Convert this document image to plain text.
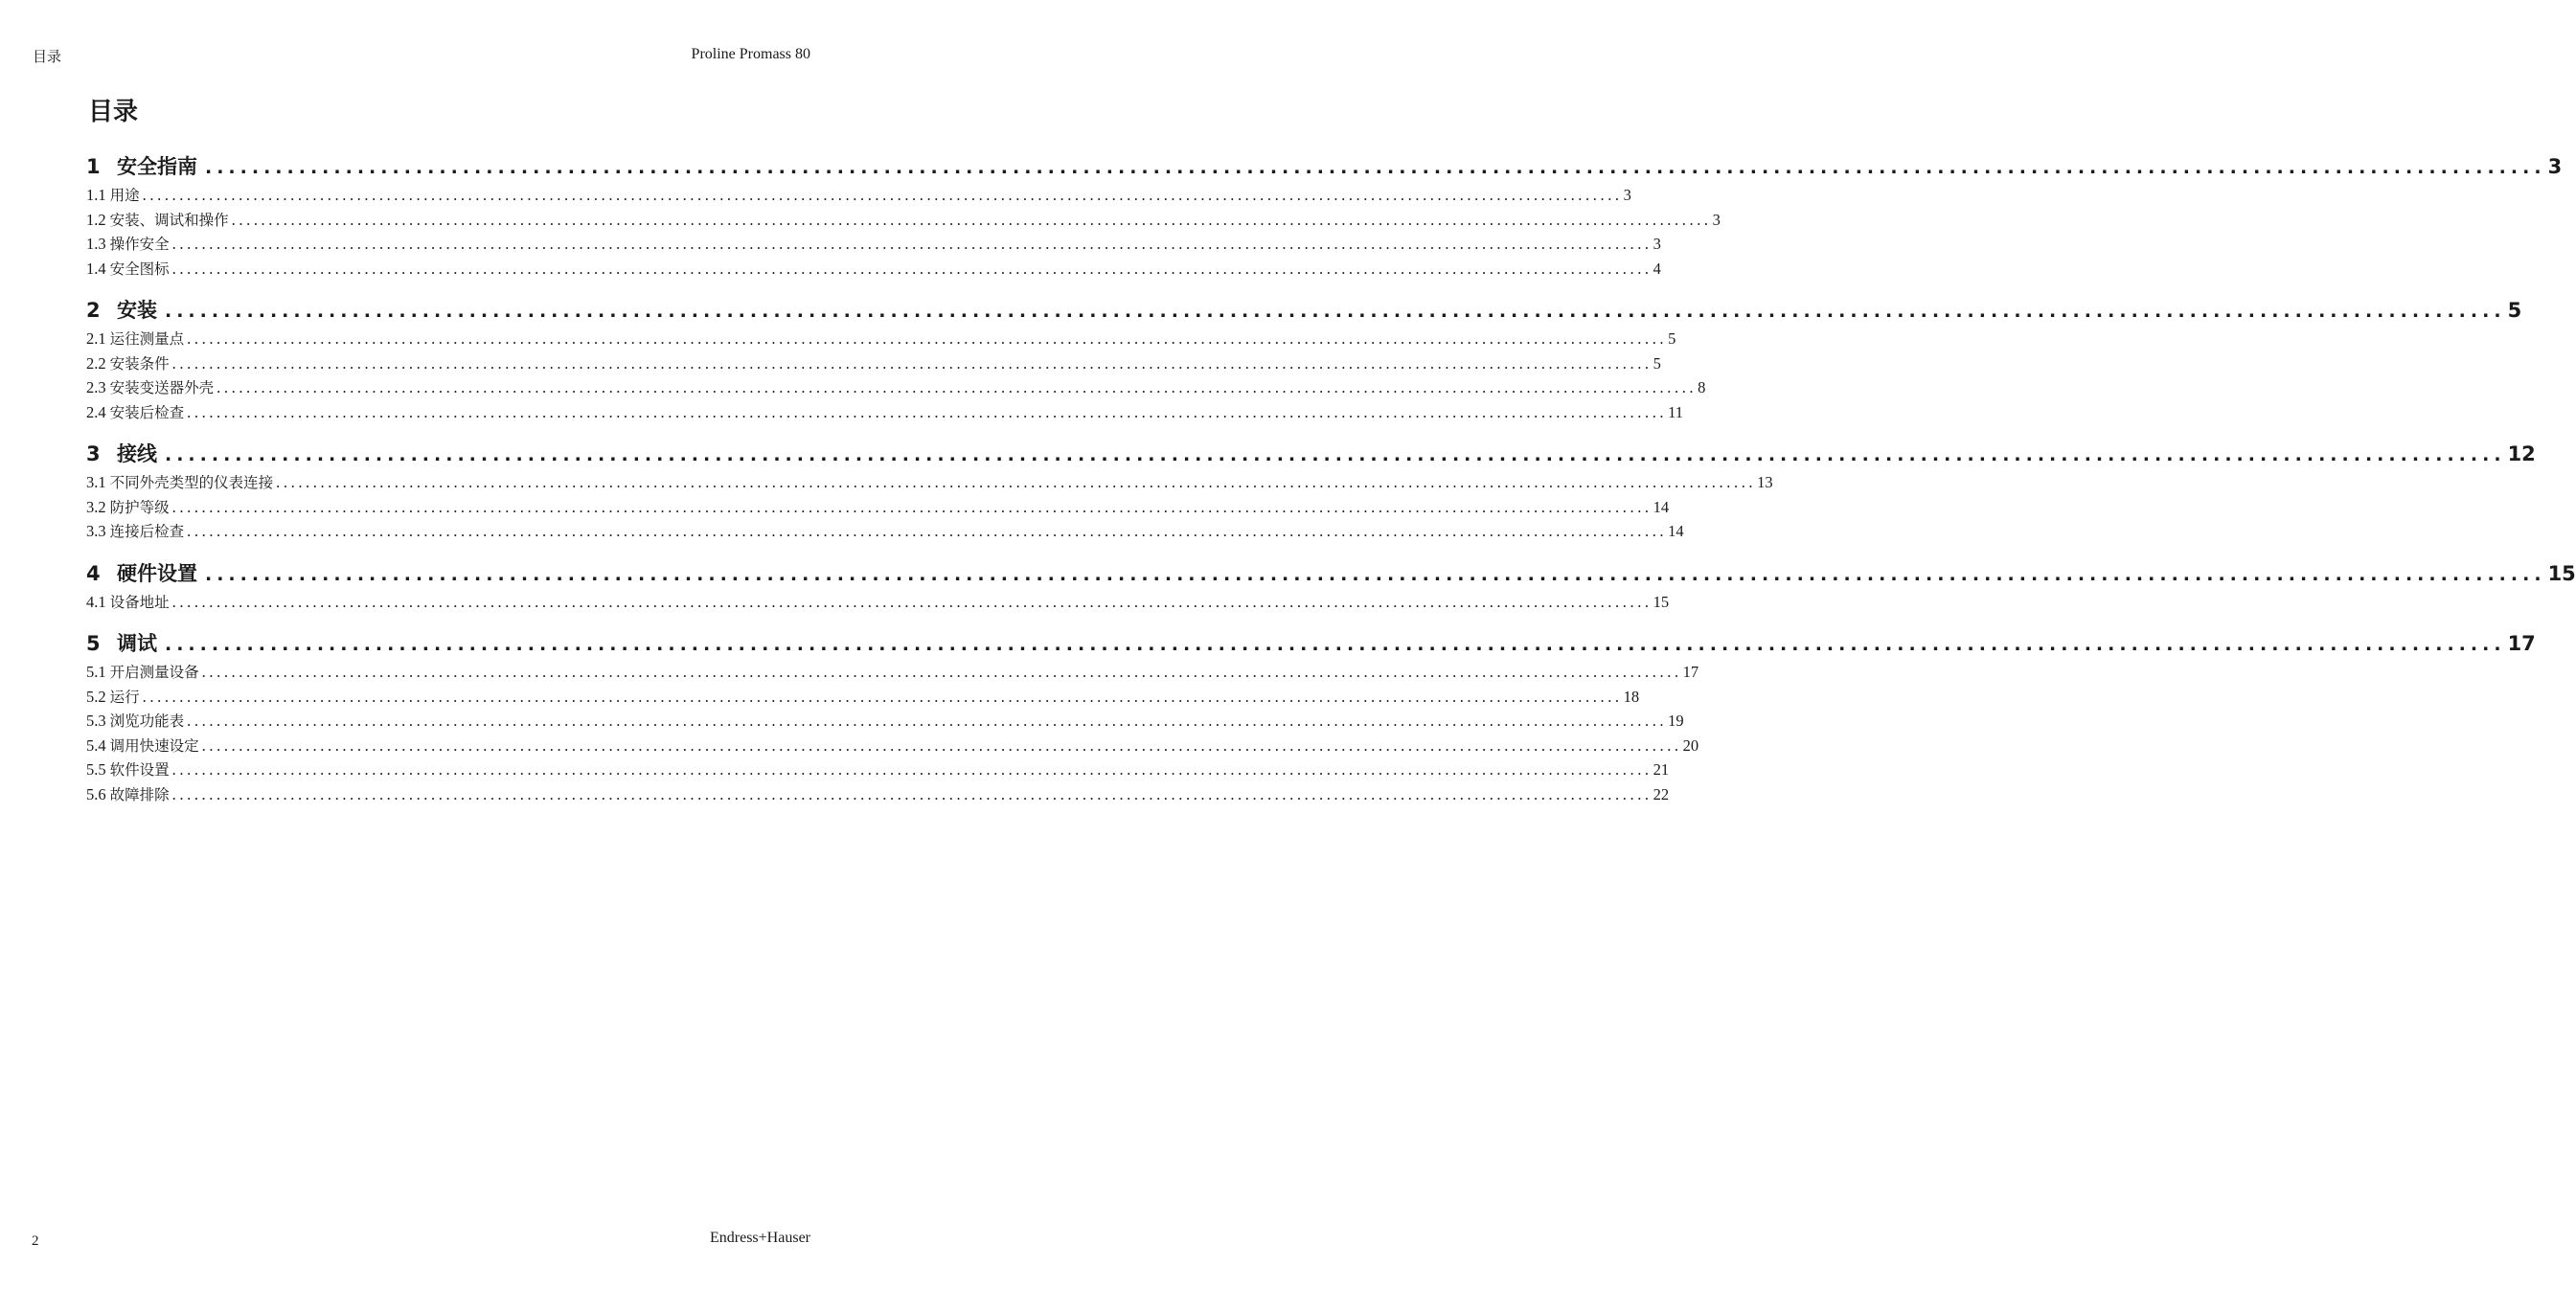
目录	Proline Promass 80
目录
1 安全指南 ........................................................................................................................................................................................................ 3
1.1 用途 ........................................................................................................................................................................................................ 3
1.2 安装、调试和操作 ........................................................................................................................................................................................................ 3
1.3 操作安全 ........................................................................................................................................................................................................ 3
1.4 安全图标 ........................................................................................................................................................................................................ 4
2 安装 ........................................................................................................................................................................................................ 5
2.1 运往测量点 ........................................................................................................................................................................................................ 5
2.2 安装条件 ........................................................................................................................................................................................................ 5
2.3 安装变送器外壳 ........................................................................................................................................................................................................ 8
2.4 安装后检查 ........................................................................................................................................................................................................ 11
3 接线 ........................................................................................................................................................................................................ 12
3.1 不同外壳类型的仪表连接 ........................................................................................................................................................................................................ 13
3.2 防护等级 ........................................................................................................................................................................................................ 14
3.3 连接后检查 ........................................................................................................................................................................................................ 14
4 硬件设置 ........................................................................................................................................................................................................ 15
4.1 设备地址 ........................................................................................................................................................................................................ 15
5 调试 ........................................................................................................................................................................................................ 17
5.1 开启测量设备 ........................................................................................................................................................................................................ 17
5.2 运行 ........................................................................................................................................................................................................ 18
5.3 浏览功能表 ........................................................................................................................................................................................................ 19
5.4 调用快速设定 ........................................................................................................................................................................................................ 20
5.5 软件设置 ........................................................................................................................................................................................................ 21
5.6 故障排除 ........................................................................................................................................................................................................ 22
2	Endress+Hauser
